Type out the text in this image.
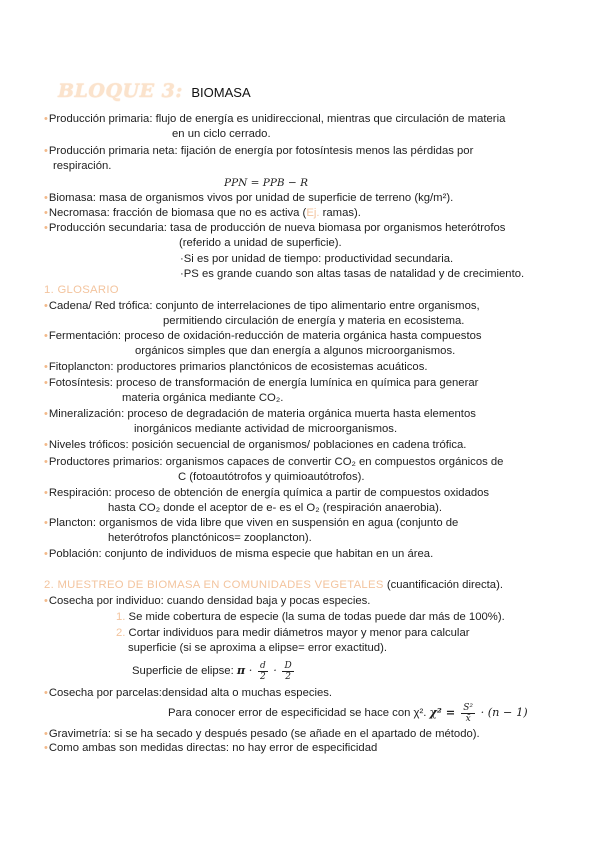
BLOQUE 3: BIOMASA
•Producción primaria: flujo de energía es unidireccional, mientras que circulación de materia
en un ciclo cerrado.
•Producción primaria neta: fijación de energía por fotosíntesis menos las pérdidas por
respiración.
PPN = PPB − R
•Biomasa: masa de organismos vivos por unidad de superficie de terreno (kg/m²).
•Necromasa: fracción de biomasa que no es activa (Ej. ramas).
•Producción secundaria: tasa de producción de nueva biomasa por organismos heterótrofos
(referido a unidad de superficie).
·Si es por unidad de tiempo: productividad secundaria.
·PS es grande cuando son altas tasas de natalidad y de crecimiento.
1. GLOSARIO
•Cadena/ Red trófica: conjunto de interrelaciones de tipo alimentario entre organismos,
permitiendo circulación de energía y materia en ecosistema.
•Fermentación: proceso de oxidación-reducción de materia orgánica hasta compuestos
orgánicos simples que dan energía a algunos microorganismos.
•Fitoplancton: productores primarios planctónicos de ecosistemas acuáticos.
•Fotosíntesis: proceso de transformación de energía lumínica en química para generar
materia orgánica mediante CO₂.
•Mineralización: proceso de degradación de materia orgánica muerta hasta elementos
inorgánicos mediante actividad de microorganismos.
•Niveles tróficos: posición secuencial de organismos/ poblaciones en cadena trófica.
•Productores primarios: organismos capaces de convertir CO₂ en compuestos orgánicos de
C (fotoautótrofos y quimioautótrofos).
•Respiración: proceso de obtención de energía química a partir de compuestos oxidados
hasta CO₂ donde el aceptor de e- es el O₂ (respiración anaerobia).
•Plancton: organismos de vida libre que viven en suspensión en agua (conjunto de
heterótrofos planctónicos= zooplancton).
•Población: conjunto de individuos de misma especie que habitan en un área.
2. MUESTREO DE BIOMASA EN COMUNIDADES VEGETALES (cuantificación directa).
•Cosecha por individuo: cuando densidad baja y pocas especies.
1. Se mide cobertura de especie (la suma de todas puede dar más de 100%).
2. Cortar individuos para medir diámetros mayor y menor para calcular
superficie (si se aproxima a elipse= error exactitud).
Superficie de elipse: $\pi \cdot \frac{d}{2} \cdot \frac{D}{2}$
•Cosecha por parcelas:densidad alta o muchas especies.
Para conocer error de especificidad se hace con χ². $\chi^2 = \frac{\text{S²}}{x̄} \cdot (n - 1)$
•Gravimetría: si se ha secado y después pesado (se añade en el apartado de método).
•Como ambas son medidas directas: no hay error de especificidad
